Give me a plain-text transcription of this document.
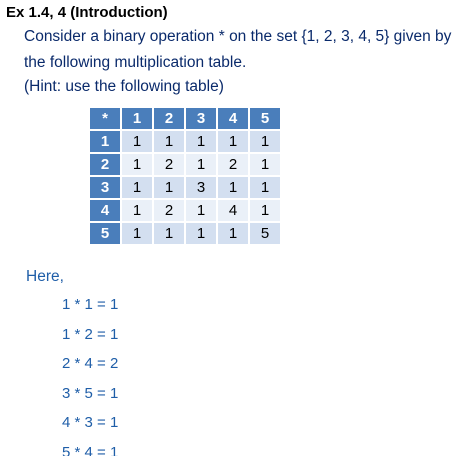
Ex 1.4, 4 (Introduction)
Consider a binary operation * on the set {1, 2, 3, 4, 5} given by the following multiplication table.
(Hint: use the following table)
*	1	2	3	4	5
1	1	1	1	1	1
2	1	2	1	2	1
3	1	1	3	1	1
4	1	2	1	4	1
5	1	1	1	1	5
Here,
1 * 1 = 1
1 * 2 = 1
2 * 4 = 2
3 * 5 = 1
4 * 3 = 1
5 * 4 = 1
